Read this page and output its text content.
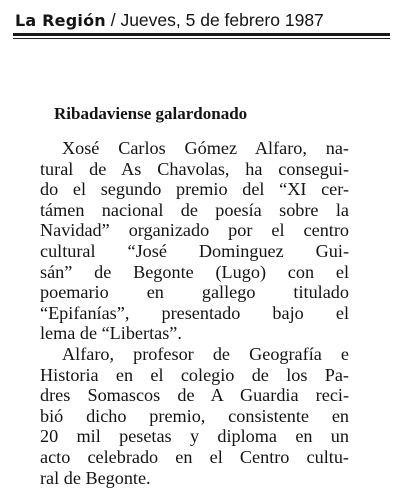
La Región / Jueves, 5 de febrero 1987
Ribadaviense galardonado
Xosé Carlos Gómez Alfaro, na-
tural de As Chavolas, ha consegui-
do el segundo premio del “XI cer-
támen nacional de poesía sobre la
Navidad” organizado por el centro
cultural “José Dominguez Gui-
sán” de Begonte (Lugo) con el
poemario en gallego titulado
“Epifanías”, presentado bajo el
lema de “Libertas”.
Alfaro, profesor de Geografía e
Historia en el colegio de los Pa-
dres Somascos de A Guardia reci-
bió dicho premio, consistente en
20 mil pesetas y diploma en un
acto celebrado en el Centro cultu-
ral de Begonte.
